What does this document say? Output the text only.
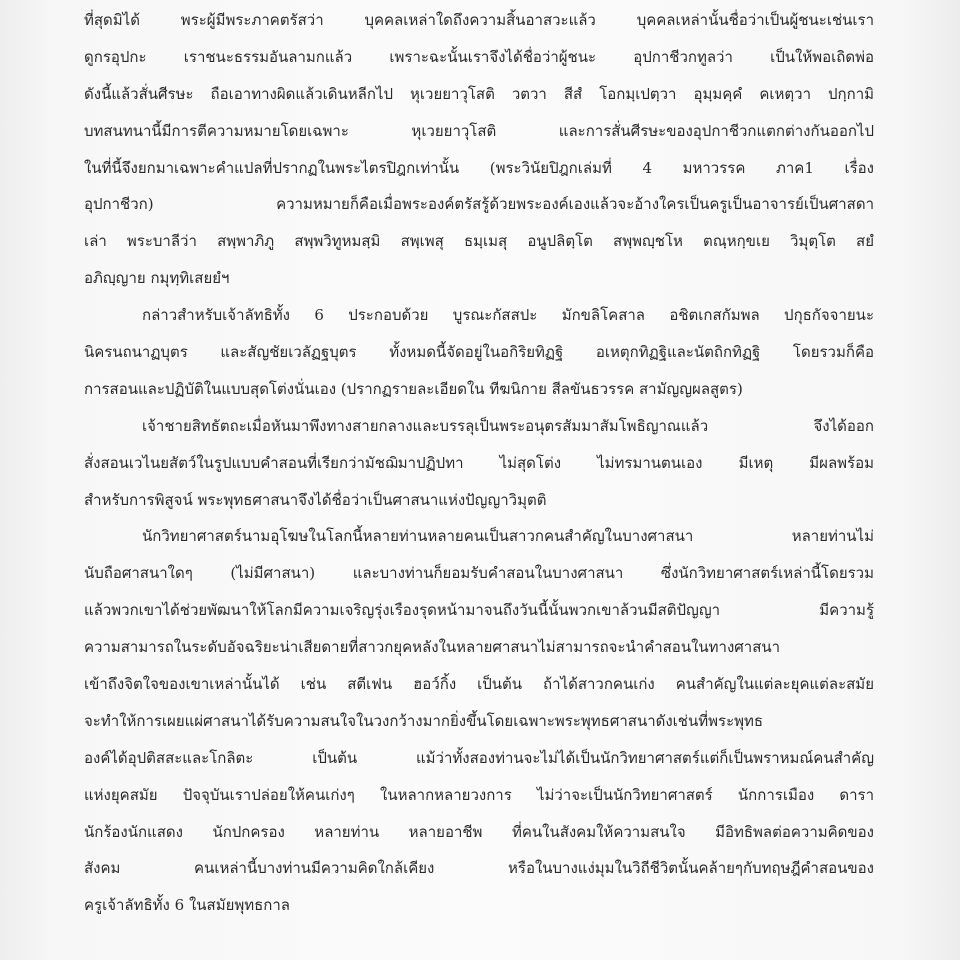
ที่สุดมิได้ พระผู้มีพระภาคตรัสว่า บุคคลเหล่าใดถึงความสิ้นอาสวะแล้ว บุคคลเหล่านั้นชื่อว่าเป็นผู้ชนะเช่นเรา
ดูกรอุปกะ เราชนะธรรมอันลามกแล้ว เพราะฉะนั้นเราจึงได้ชื่อว่าผู้ชนะ อุปกาชีวกทูลว่า เป็นให้พอเถิดพ่อ
ดังนี้แล้วสั่นศีรษะ ถือเอาทางผิดแล้วเดินหลีกไป หุเวยยาวุโสติ วตวา สีสํ โอกมฺเปตฺวา อุมฺมคฺคํ คเหตฺวา ปกฺกามิ
บทสนทนานี้มีการตีความหมายโดยเฉพาะ หุเวยยาวุโสติ และการสั่นศีรษะของอุปกาชีวกแตกต่างกันออกไป
ในที่นี้จึงยกมาเฉพาะคำแปลที่ปรากฏในพระไตรปิฎกเท่านั้น (พระวินัยปิฎกเล่มที่ 4 มหาวรรค ภาค1 เรื่อง
อุปกาชีวก) ความหมายก็คือเมื่อพระองค์ตรัสรู้ด้วยพระองค์เองแล้วจะอ้างใครเป็นครูเป็นอาจารย์เป็นศาสดา
เล่า พระบาลีว่า สพฺพาภิภู สพฺพวิทูหมสฺมิ สพฺเพสุ ธมฺเมสุ อนูปลิตฺโต สพฺพญฺชโห ตณฺหกฺขเย วิมุตฺโต สยํ
อภิญฺญาย กมุทฺทิเสยยํฯ
กล่าวสำหรับเจ้าลัทธิทั้ง 6 ประกอบด้วย บูรณะกัสสปะ มักขลิโคสาล อชิตเกสกัมพล ปกุธกัจจายนะ
นิครนถนาฏบุตร และสัญชัยเวลัฏฐบุตร ทั้งหมดนี้จัดอยู่ในอกิริยทิฏฐิ อเหตุกทิฏฐิและนัตถิกทิฏฐิ โดยรวมก็คือ
การสอนและปฏิบัติในแบบสุดโต่งนั่นเอง (ปรากฏรายละเอียดใน ทีฆนิกาย สีลขันธวรรค สามัญญผลสูตร)
เจ้าชายสิทธัตถะเมื่อหันมาพึงทางสายกลางและบรรลุเป็นพระอนุตรสัมมาสัมโพธิญาณแล้ว จึงได้ออก
สั่งสอนเวไนยสัตว์ในรูปแบบคำสอนที่เรียกว่ามัชฌิมาปฏิปทา ไม่สุดโต่ง ไม่ทรมานตนเอง มีเหตุ มีผลพร้อม
สำหรับการพิสูจน์ พระพุทธศาสนาจึงได้ชื่อว่าเป็นศาสนาแห่งปัญญาวิมุตติ
นักวิทยาศาสตร์นามอุโฆษในโลกนี้หลายท่านหลายคนเป็นสาวกคนสำคัญในบางศาสนา หลายท่านไม่
นับถือศาสนาใดๆ (ไม่มีศาสนา) และบางท่านก็ยอมรับคำสอนในบางศาสนา ซึ่งนักวิทยาศาสตร์เหล่านี้โดยรวม
แล้วพวกเขาได้ช่วยพัฒนาให้โลกมีความเจริญรุ่งเรืองรุดหน้ามาจนถึงวันนี้นั้นพวกเขาล้วนมีสติปัญญา มีความรู้
ความสามารถในระดับอัจฉริยะน่าเสียดายที่สาวกยุคหลังในหลายศาสนาไม่สามารถจะนำคำสอนในทางศาสนา
เข้าถึงจิตใจของเขาเหล่านั้นได้ เช่น สตีเฟน ฮอว์กิ้ง เป็นต้น ถ้าได้สาวกคนเก่ง คนสำคัญในแต่ละยุคแต่ละสมัย
จะทำให้การเผยแผ่ศาสนาได้รับความสนใจในวงกว้างมากยิ่งขึ้นโดยเฉพาะพระพุทธศาสนาดังเช่นที่พระพุทธ
องค์ได้อุปติสสะและโกลิตะ เป็นต้น แม้ว่าทั้งสองท่านจะไม่ได้เป็นนักวิทยาศาสตร์แต่ก็เป็นพราหมณ์คนสำคัญ
แห่งยุคสมัย ปัจจุบันเราปล่อยให้คนเก่งๆ ในหลากหลายวงการ ไม่ว่าจะเป็นนักวิทยาศาสตร์ นักการเมือง ดารา
นักร้องนักแสดง นักปกครอง หลายท่าน หลายอาชีพ ที่คนในสังคมให้ความสนใจ มีอิทธิพลต่อความคิดของ
สังคม คนเหล่านี้บางท่านมีความคิดใกล้เคียง หรือในบางแง่มุมในวิถีชีวิตนั้นคล้ายๆกับทฤษฎีคำสอนของ
ครูเจ้าลัทธิทั้ง 6 ในสมัยพุทธกาล
